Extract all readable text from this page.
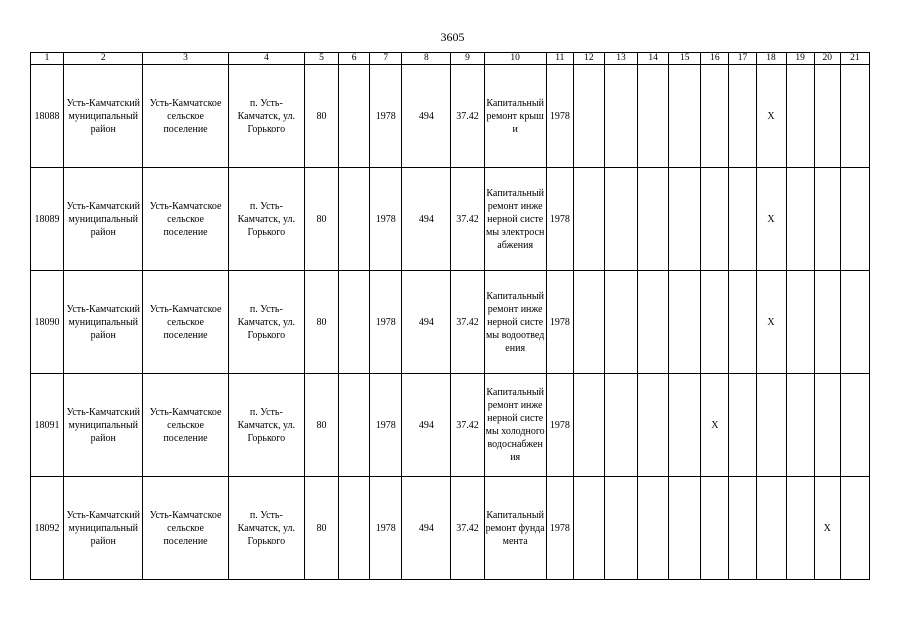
3605
1	2	3	4	5	6	7	8	9	10	11	12	13	14	15	16	17	18	19	20	21
18088	Усть-Камчатский муниципальный район	Усть-Камчатское сельское поселение	п. Усть-Камчатск, ул. Горького	80		1978	494	37.42	Капитальный ремонт крыши	1978							X			
18089	Усть-Камчатский муниципальный район	Усть-Камчатское сельское поселение	п. Усть-Камчатск, ул. Горького	80		1978	494	37.42	Капитальный ремонт инженерной системы электроснабжения	1978							X			
18090	Усть-Камчатский муниципальный район	Усть-Камчатское сельское поселение	п. Усть-Камчатск, ул. Горького	80		1978	494	37.42	Капитальный ремонт инженерной системы водоотведения	1978							X			
18091	Усть-Камчатский муниципальный район	Усть-Камчатское сельское поселение	п. Усть-Камчатск, ул. Горького	80		1978	494	37.42	Капитальный ремонт инженерной системы холодного водоснабжения	1978					X					
18092	Усть-Камчатский муниципальный район	Усть-Камчатское сельское поселение	п. Усть-Камчатск, ул. Горького	80		1978	494	37.42	Капитальный ремонт фундамента	1978									X	
